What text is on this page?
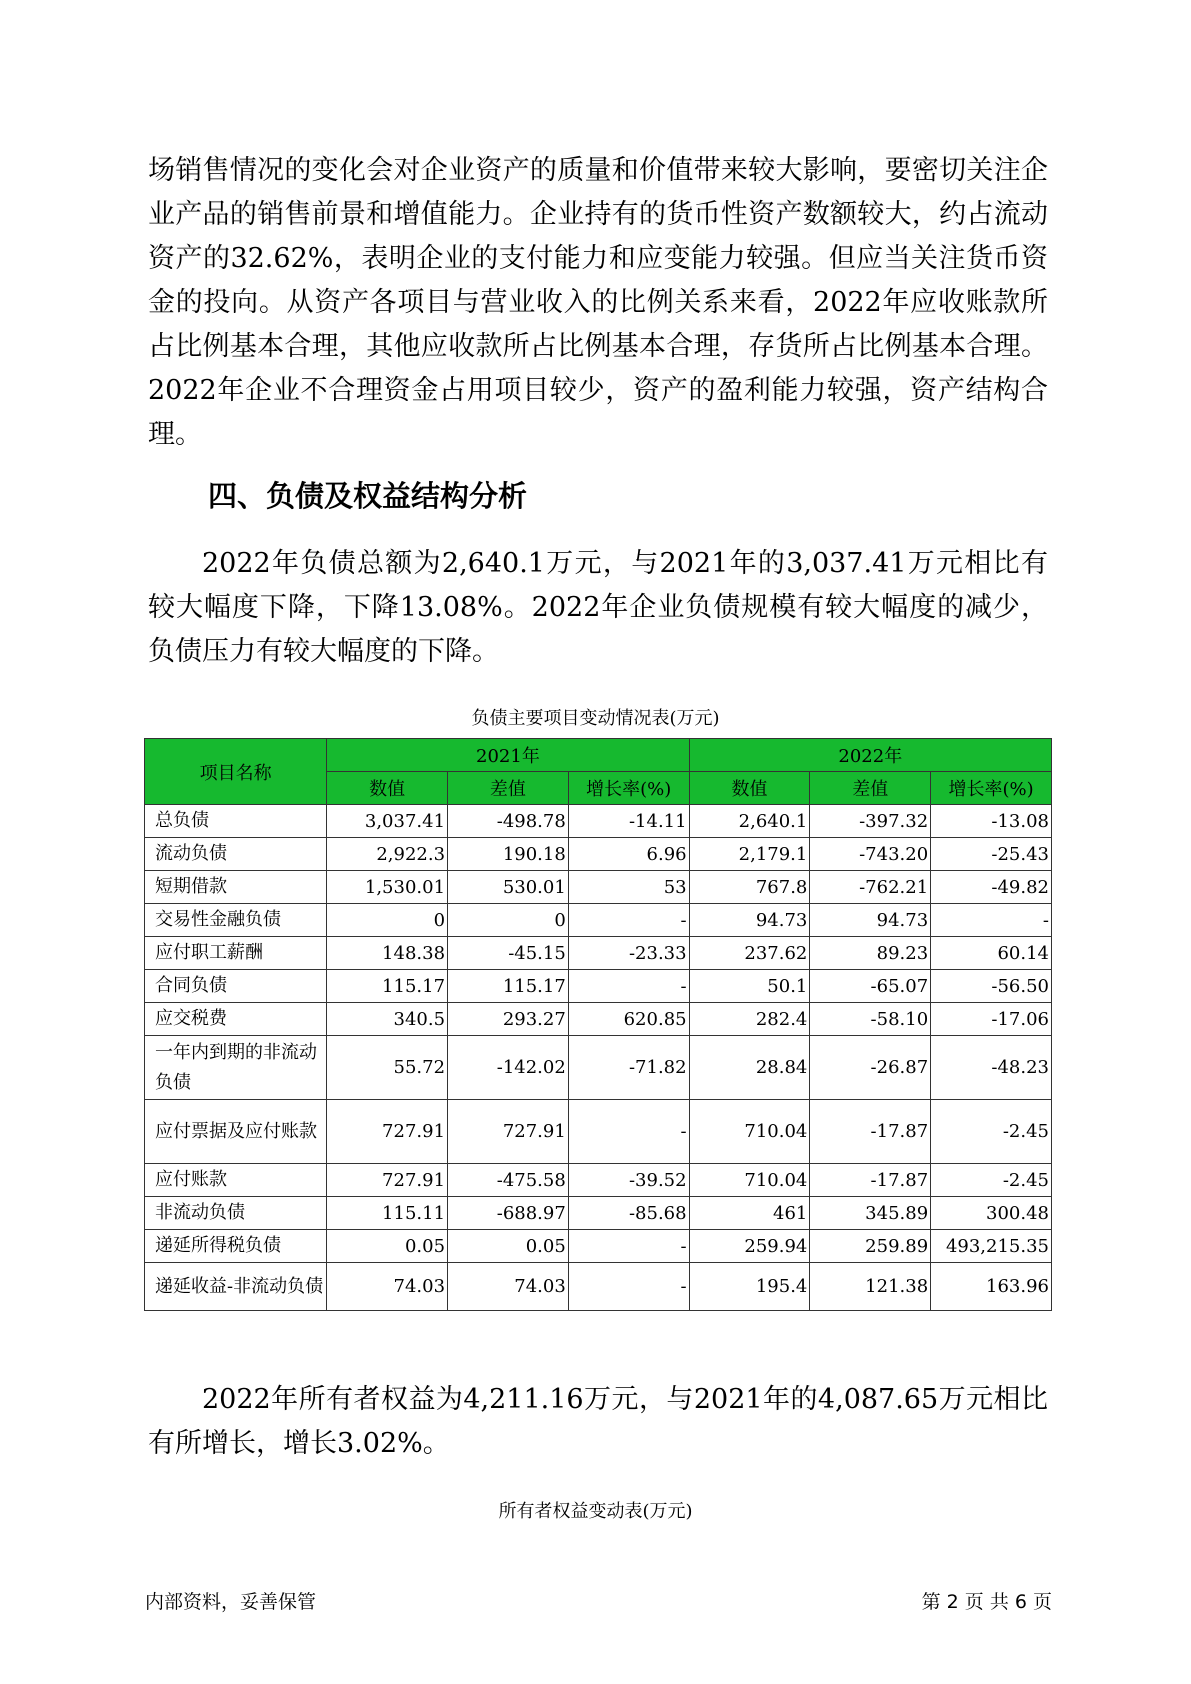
场销售情况的变化会对企业资产的质量和价值带来较大影响，要密切关注企业产品的销售前景和增值能力。企业持有的货币性资产数额较大，约占流动资产的32.62%，表明企业的支付能力和应变能力较强。但应当关注货币资金的投向。从资产各项目与营业收入的比例关系来看，2022年应收账款所占比例基本合理，其他应收款所占比例基本合理，存货所占比例基本合理。2022年企业不合理资金占用项目较少，资产的盈利能力较强，资产结构合理。

四、负债及权益结构分析

2022年负债总额为2,640.1万元，与2021年的3,037.41万元相比有较大幅度下降，下降13.08%。2022年企业负债规模有较大幅度的减少，负债压力有较大幅度的下降。

负债主要项目变动情况表(万元)
项目名称	2021年			2022年		
	数值	差值	增长率(%)	数值	差值	增长率(%)
总负债	3,037.41	-498.78	-14.11	2,640.1	-397.32	-13.08
流动负债	2,922.3	190.18	6.96	2,179.1	-743.20	-25.43
短期借款	1,530.01	530.01	53	767.8	-762.21	-49.82
交易性金融负债	0	0	-	94.73	94.73	-
应付职工薪酬	148.38	-45.15	-23.33	237.62	89.23	60.14
合同负债	115.17	115.17	-	50.1	-65.07	-56.50
应交税费	340.5	293.27	620.85	282.4	-58.10	-17.06
一年内到期的非流动负债	55.72	-142.02	-71.82	28.84	-26.87	-48.23
应付票据及应付账款	727.91	727.91	-	710.04	-17.87	-2.45
应付账款	727.91	-475.58	-39.52	710.04	-17.87	-2.45
非流动负债	115.11	-688.97	-85.68	461	345.89	300.48
递延所得税负债	0.05	0.05	-	259.94	259.89	493,215.35
递延收益-非流动负债	74.03	74.03	-	195.4	121.38	163.96

2022年所有者权益为4,211.16万元，与2021年的4,087.65万元相比有所增长，增长3.02%。

所有者权益变动表(万元)
内部资料，妥善保管	第 2 页 共 6 页
